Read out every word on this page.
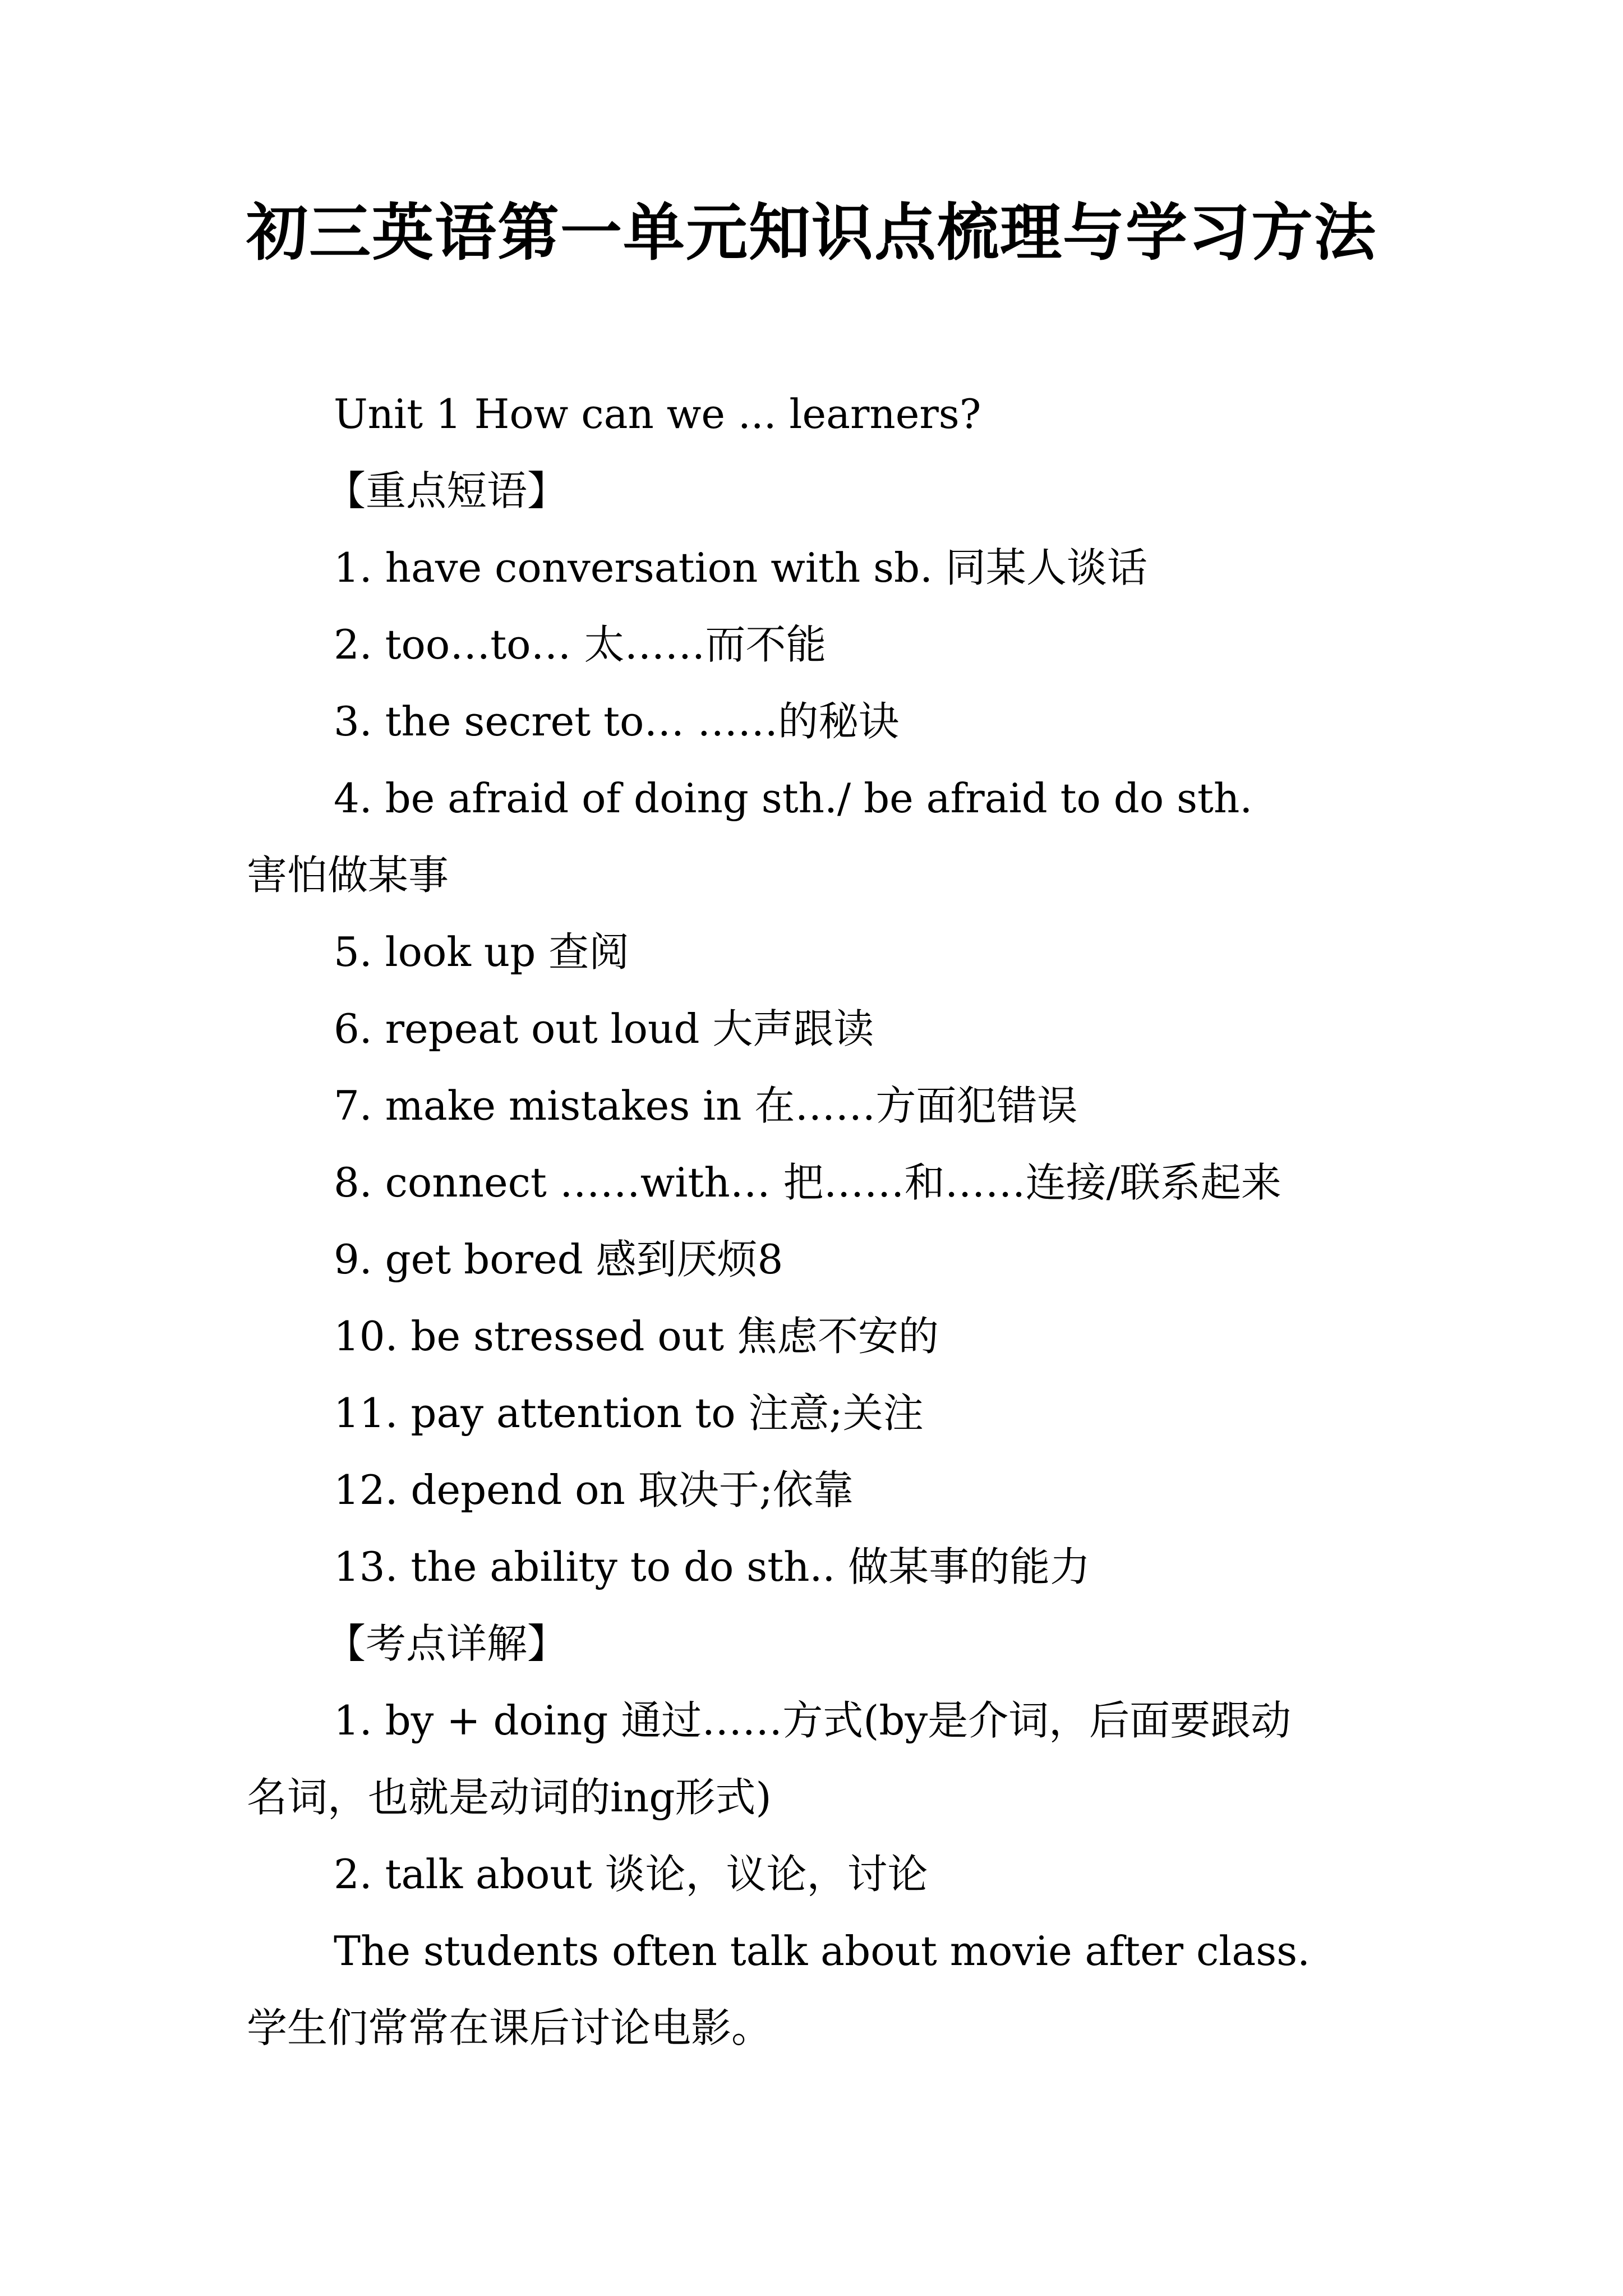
初三英语第一单元知识点梳理与学习方法
Unit 1 How can we ... learners?
【重点短语】
1. have conversation with sb. 同某人谈话
2. too…to… 太……而不能
3. the secret to… ……的秘诀
4. be afraid of doing sth./ be afraid to do sth.
害怕做某事
5. look up 查阅
6. repeat out loud 大声跟读
7. make mistakes in 在……方面犯错误
8. connect ……with… 把……和……连接/联系起来
9. get bored 感到厌烦8
10. be stressed out 焦虑不安的
11. pay attention to 注意;关注
12. depend on 取决于;依靠
13. the ability to do sth.. 做某事的能力
【考点详解】
1. by + doing 通过……方式(by是介词，后面要跟动
名词，也就是动词的ing形式)
2. talk about 谈论，议论，讨论
The students often talk about movie after class.
学生们常常在课后讨论电影。
